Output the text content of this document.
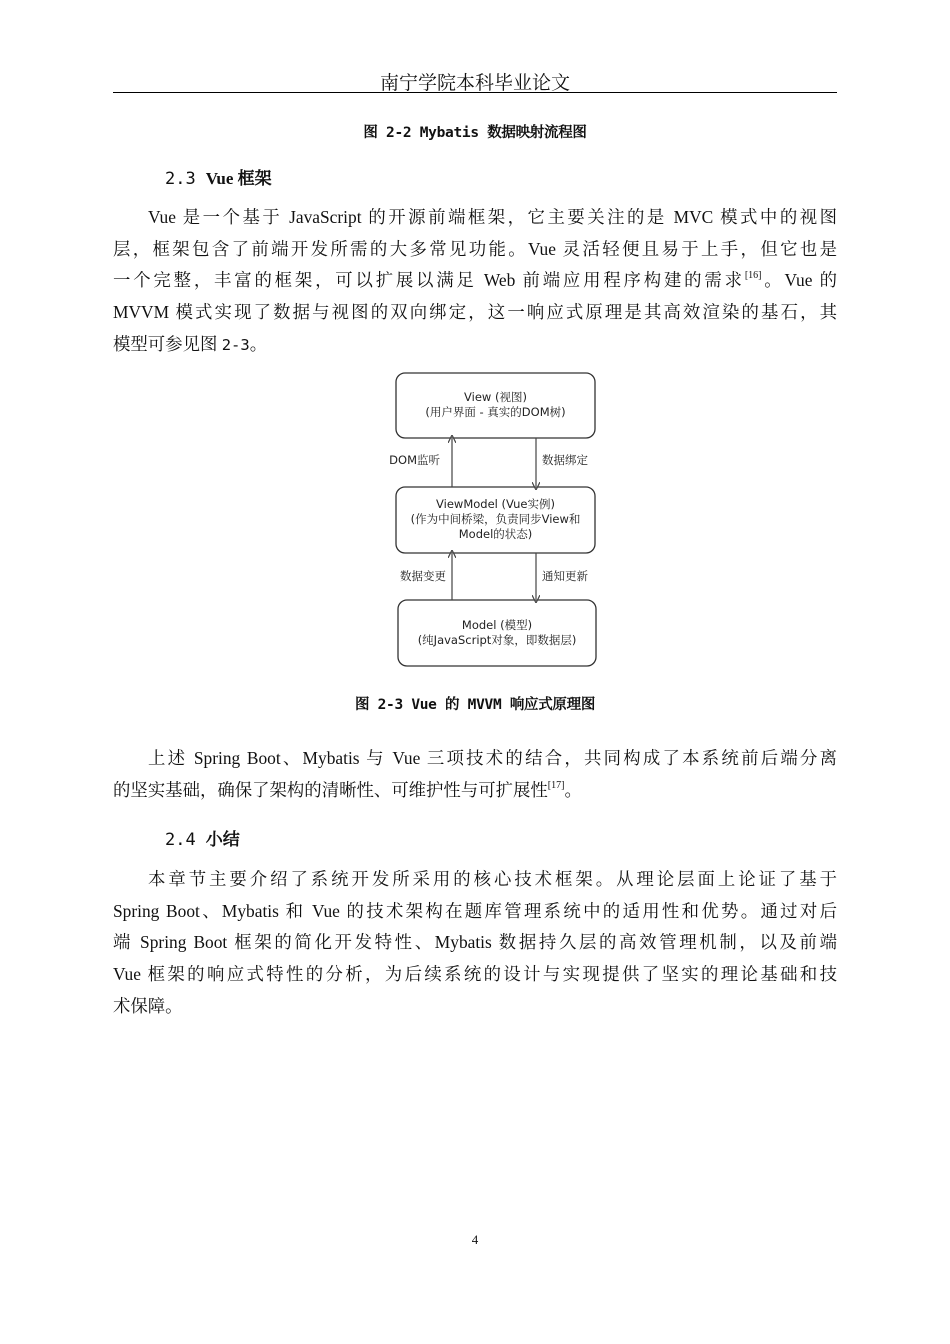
南宁学院本科毕业论文
图 2-2 Mybatis 数据映射流程图
2.3 Vue 框架
Vue 是一个基于 JavaScript 的开源前端框架，它主要关注的是 MVC 模式中的视图
层，框架包含了前端开发所需的大多常见功能。Vue 灵活轻便且易于上手，但它也是
一个完整，丰富的框架，可以扩展以满足 Web 前端应用程序构建的需求[16]。Vue 的
MVVM 模式实现了数据与视图的双向绑定，这一响应式原理是其高效渲染的基石，其
模型可参见图 2-3。
View (视图)
(用户界面 - 真实的DOM树)
ViewModel (Vue实例)
(作为中间桥梁，负责同步View和
Model的状态)
Model (模型)
(纯JavaScript对象，即数据层)
DOM监听	数据绑定
数据变更	通知更新
图 2-3 Vue 的 MVVM 响应式原理图
上述 Spring Boot、Mybatis 与 Vue 三项技术的结合，共同构成了本系统前后端分离
的坚实基础，确保了架构的清晰性、可维护性与可扩展性[17]。
2.4 小结
本章节主要介绍了系统开发所采用的核心技术框架。从理论层面上论证了基于
Spring Boot、Mybatis 和 Vue 的技术架构在题库管理系统中的适用性和优势。通过对后
端 Spring Boot 框架的简化开发特性、Mybatis 数据持久层的高效管理机制，以及前端
Vue 框架的响应式特性的分析，为后续系统的设计与实现提供了坚实的理论基础和技
术保障。
4
